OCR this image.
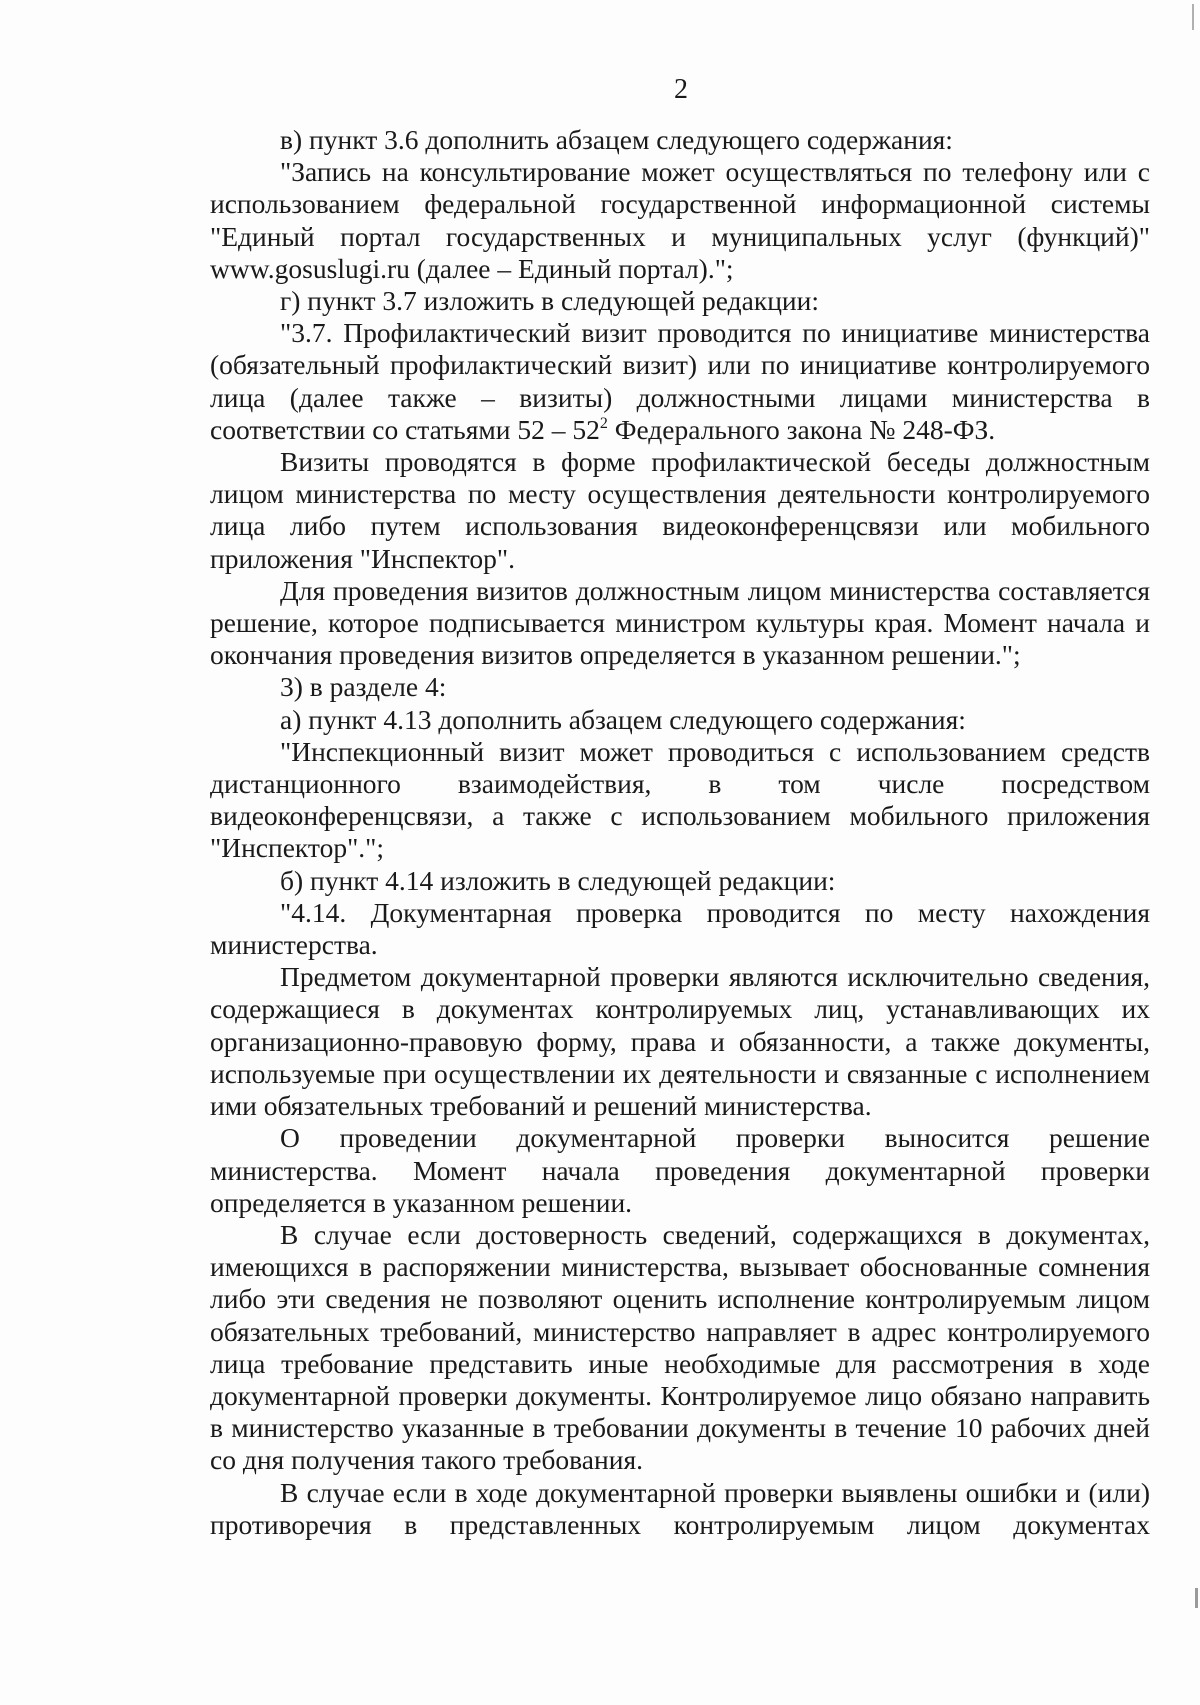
2

в) пункт 3.6 дополнить абзацем следующего содержания:

"Запись на консультирование может осуществляться по телефону или с использованием федеральной государственной информационной системы "Единый портал государственных и муниципальных услуг (функций)" www.gosuslugi.ru (далее – Единый портал).";

г) пункт 3.7 изложить в следующей редакции:

"3.7. Профилактический визит проводится по инициативе министерства (обязательный профилактический визит) или по инициативе контролируемого лица (далее также – визиты) должностными лицами министерства в соответствии со статьями $52 - 52^2$ Федерального закона № 248-ФЗ.

Визиты проводятся в форме профилактической беседы должностным лицом министерства по месту осуществления деятельности контролируемого лица либо путем использования видеоконференцсвязи или мобильного приложения "Инспектор".

Для проведения визитов должностным лицом министерства составляется решение, которое подписывается министром культуры края. Момент начала и окончания проведения визитов определяется в указанном решении.";

3) в разделе 4:

а) пункт 4.13 дополнить абзацем следующего содержания:

"Инспекционный визит может проводиться с использованием средств дистанционного взаимодействия, в том числе посредством видеоконференцсвязи, а также с использованием мобильного приложения "Инспектор".";

б) пункт 4.14 изложить в следующей редакции:

"4.14. Документарная проверка проводится по месту нахождения министерства.

Предметом документарной проверки являются исключительно сведения, содержащиеся в документах контролируемых лиц, устанавливающих их организационно-правовую форму, права и обязанности, а также документы, используемые при осуществлении их деятельности и связанные с исполнением ими обязательных требований и решений министерства.

О проведении документарной проверки выносится решение министерства. Момент начала проведения документарной проверки определяется в указанном решении.

В случае если достоверность сведений, содержащихся в документах, имеющихся в распоряжении министерства, вызывает обоснованные сомнения либо эти сведения не позволяют оценить исполнение контролируемым лицом обязательных требований, министерство направляет в адрес контролируемого лица требование представить иные необходимые для рассмотрения в ходе документарной проверки документы. Контролируемое лицо обязано направить в министерство указанные в требовании документы в течение 10 рабочих дней со дня получения такого требования.

В случае если в ходе документарной проверки выявлены ошибки и (или) противоречия в представленных контролируемым лицом документах
